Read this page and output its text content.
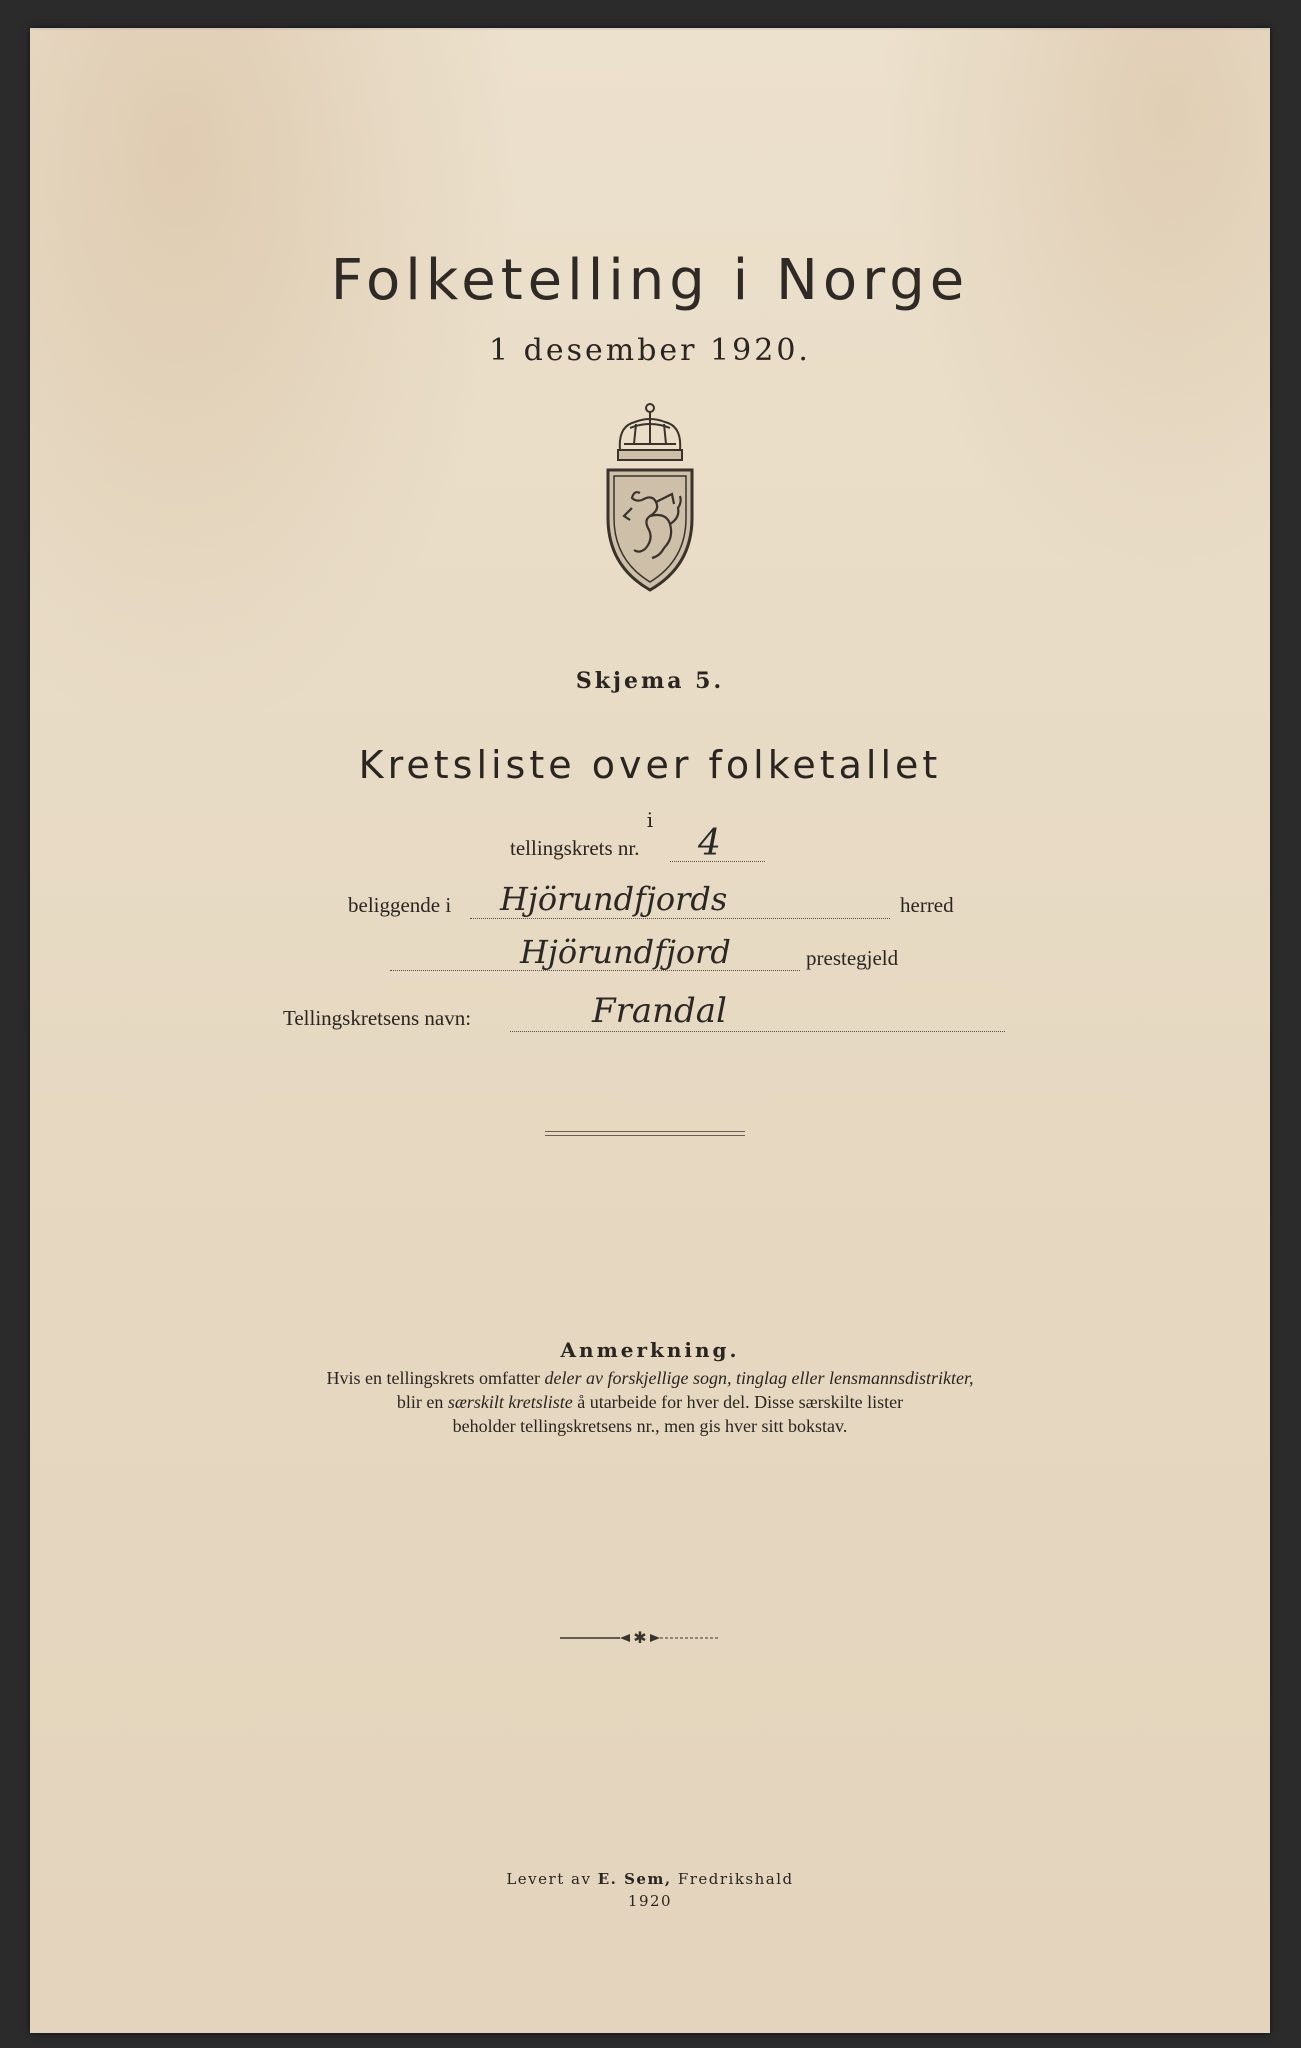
Folketelling i Norge
1 desember 1920.
Skjema 5.
Kretsliste over folketallet
i
tellingskrets nr. 4
beliggende i Hjörundfjords	herred
Hjörundfjord	prestegjeld
Tellingskretsens navn:	Frandal
Anmerkning.
Hvis en tellingskrets omfatter deler av forskjellige sogn, tinglag eller lensmannsdistrikter,
blir en særskilt kretsliste å utarbeide for hver del. Disse særskilte lister
beholder tellingskretsens nr., men gis hver sitt bokstav.
✱
Levert av E. Sem, Fredrikshald
1920
